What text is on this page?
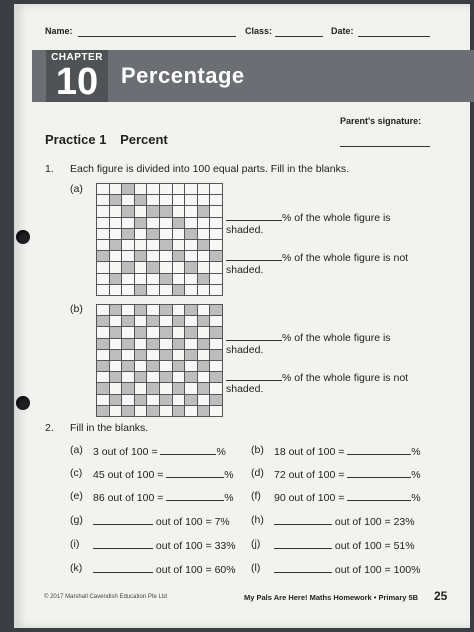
Name:	Class:	Date:
CHAPTER
10	Percentage
Parent's signature:
Practice 1 Percent
1. Each figure is divided into 100 equal parts. Fill in the blanks.
(a)
% of the whole figure is
shaded.
% of the whole figure is not
shaded.
(b)
% of the whole figure is
shaded.
% of the whole figure is not
shaded.
2. Fill in the blanks.
(a) 3 out of 100 =	% (b) 18 out of 100 =	%
(c) 45 out of 100 =	% (d) 72 out of 100 =	%
(e) 86 out of 100 =	% (f) 90 out of 100 =	%
(g)	out of 100 = 7% (h)	out of 100 = 23%
(i)	out of 100 = 33% (j)	out of 100 = 51%
(k)	out of 100 = 60% (l)	out of 100 = 100%
© 2017 Marshall Cavendish Education Pte Ltd	My Pals Are Here! Maths Homework • Primary 5B 25
